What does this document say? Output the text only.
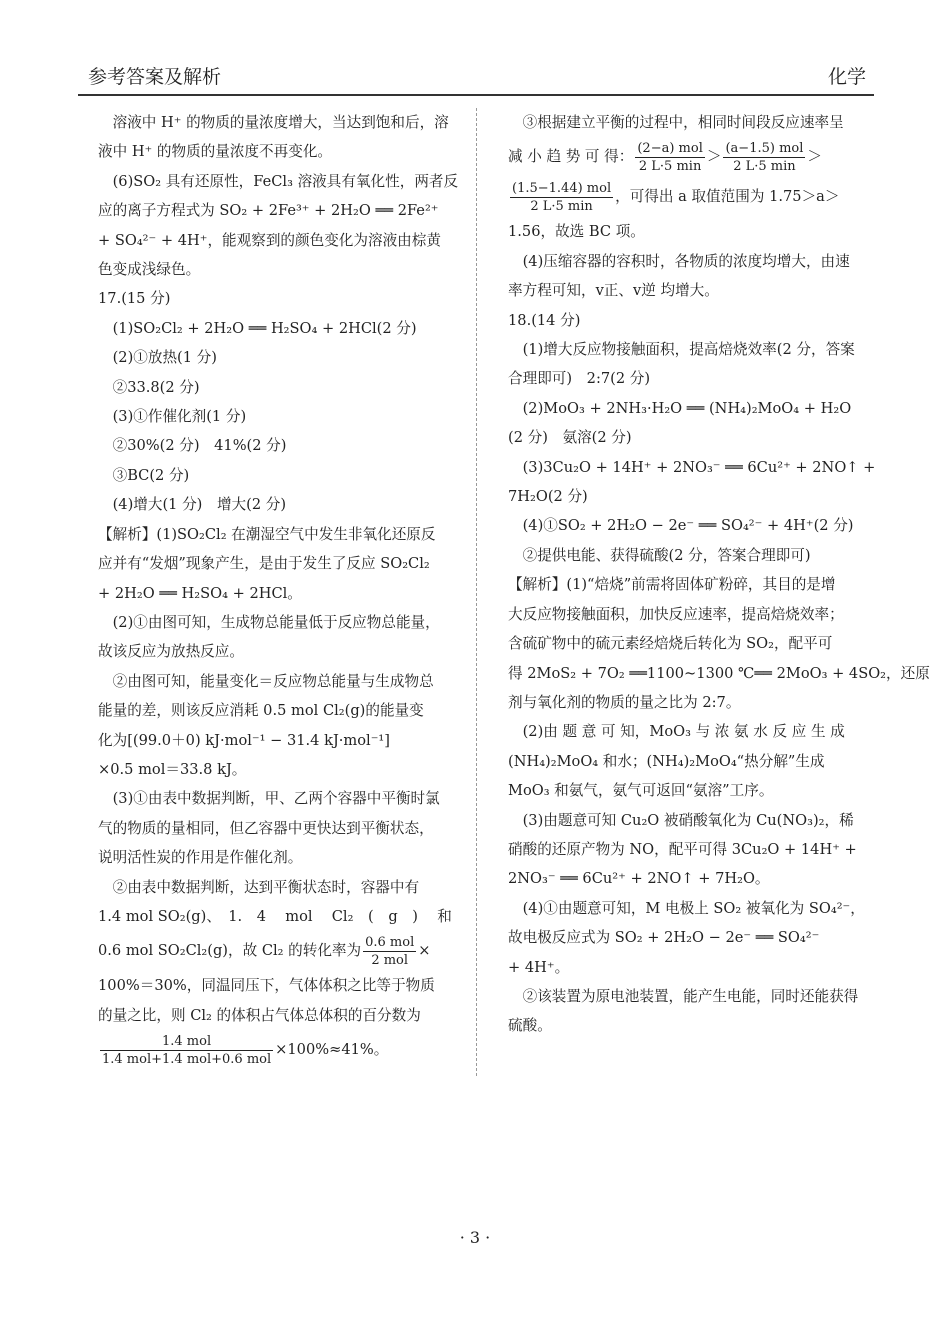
参考答案及解析	化学
　溶液中 H⁺ 的物质的量浓度增大，当达到饱和后，溶
液中 H⁺ 的物质的量浓度不再变化。
　(6)SO₂ 具有还原性，FeCl₃ 溶液具有氧化性，两者反
应的离子方程式为 SO₂ + 2Fe³⁺ + 2H₂O ══ 2Fe²⁺
+ SO₄²⁻ + 4H⁺，能观察到的颜色变化为溶液由棕黄
色变成浅绿色。
17.(15 分)
　(1)SO₂Cl₂ + 2H₂O ══ H₂SO₄ + 2HCl(2 分)
　(2)①放热(1 分)
　②33.8(2 分)
　(3)①作催化剂(1 分)
　②30%(2 分)　41%(2 分)
　③BC(2 分)
　(4)增大(1 分)　增大(2 分)
【解析】(1)SO₂Cl₂ 在潮湿空气中发生非氧化还原反
应并有“发烟”现象产生，是由于发生了反应 SO₂Cl₂
+ 2H₂O ══ H₂SO₄ + 2HCl。
　(2)①由图可知，生成物总能量低于反应物总能量，
故该反应为放热反应。
　②由图可知，能量变化＝反应物总能量与生成物总
能量的差，则该反应消耗 0.5 mol Cl₂(g)的能量变
化为[(99.0＋0) kJ·mol⁻¹ − 31.4 kJ·mol⁻¹]
×0.5 mol＝33.8 kJ。
　(3)①由表中数据判断，甲、乙两个容器中平衡时氯
气的物质的量相同，但乙容器中更快达到平衡状态，
说明活性炭的作用是作催化剂。
　②由表中数据判断，达到平衡状态时，容器中有
1.4 mol SO₂(g)、　1.　4　 mol　 Cl₂　(　g　)　 和
0.6 mol SO₂Cl₂(g)，故 Cl₂ 的转化率为 $\frac{\text{0.6 mol}}{\text{2 mol}}$ ×
100%＝30%，同温同压下，气体体积之比等于物质
的量之比，则 Cl₂ 的体积占气体总体积的百分数为
$\frac{\text{1.4 mol}}{\text{1.4 mol+1.4 mol+0.6 mol}} \times 100\%\approx 41\%$。
　③根据建立平衡的过程中，相同时间段反应速率呈
减 小 趋 势 可 得： $\frac{\text{(2−a) mol}}{2 L\cdot 5 \min} > \frac{\text{(a−1.5) mol}}{2 L\cdot 5 \min}$ ＞
$\frac{\text{(1.5−1.44) mol}}{2 L\cdot 5 \min}$ ，可得出 a 取值范围为 1.75＞a＞
1.56，故选 BC 项。
　(4)压缩容器的容积时，各物质的浓度均增大，由速
率方程可知，v正、v逆 均增大。
18.(14 分)
　(1)增大反应物接触面积，提高焙烧效率(2 分，答案
合理即可)　2:7(2 分)
　(2)MoO₃ + 2NH₃·H₂O ══ (NH₄)₂MoO₄ + H₂O
(2 分)　氨溶(2 分)
　(3)3Cu₂O + 14H⁺ + 2NO₃⁻ ══ 6Cu²⁺ + 2NO↑ +
7H₂O(2 分)
　(4)①SO₂ + 2H₂O − 2e⁻ ══ SO₄²⁻ + 4H⁺(2 分)
　②提供电能、获得硫酸(2 分，答案合理即可)
【解析】(1)“焙烧”前需将固体矿粉碎，其目的是增
大反应物接触面积，加快反应速率，提高焙烧效率；
含硫矿物中的硫元素经焙烧后转化为 SO₂，配平可
得 2MoS₂ + 7O₂ ══1100~1300 ℃══ 2MoO₃ + 4SO₂，还原
剂与氧化剂的物质的量之比为 2:7。
　(2)由 题 意 可 知，MoO₃ 与 浓 氨 水 反 应 生 成
(NH₄)₂MoO₄ 和水；(NH₄)₂MoO₄“热分解”生成
MoO₃ 和氨气，氨气可返回“氨溶”工序。
　(3)由题意可知 Cu₂O 被硝酸氧化为 Cu(NO₃)₂，稀
硝酸的还原产物为 NO，配平可得 3Cu₂O + 14H⁺ +
2NO₃⁻ ══ 6Cu²⁺ + 2NO↑ + 7H₂O。
　(4)①由题意可知，M 电极上 SO₂ 被氧化为 SO₄²⁻，
故电极反应式为 SO₂ + 2H₂O − 2e⁻ ══ SO₄²⁻
+ 4H⁺。
　②该装置为原电池装置，能产生电能，同时还能获得
硫酸。
· 3 ·
